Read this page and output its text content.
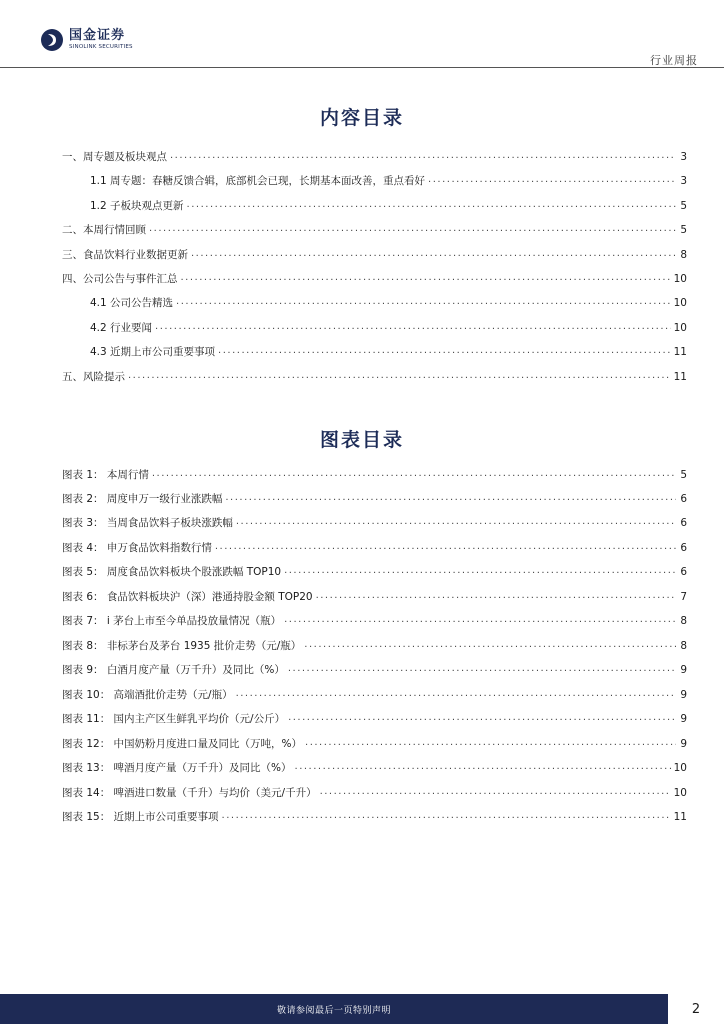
国金证券
SINOLINK SECURITIES
行业周报
内容目录
一、周专题及板块观点 .....	3
1.1 周专题：春糖反馈合辑，底部机会已现，长期基本面改善，重点看好 .....	3
1.2 子板块观点更新 .....	5
二、本周行情回顾 .....	5
三、食品饮料行业数据更新 .....	8
四、公司公告与事件汇总 .....	10
4.1 公司公告精选 .....	10
4.2 行业要闻 .....	10
4.3 近期上市公司重要事项 .....	11
五、风险提示 .....	11
图表目录
图表 1： 本周行情 .....	5
图表 2： 周度申万一级行业涨跌幅 .....	6
图表 3： 当周食品饮料子板块涨跌幅 .....	6
图表 4： 申万食品饮料指数行情 .....	6
图表 5： 周度食品饮料板块个股涨跌幅 TOP10 .....	6
图表 6： 食品饮料板块沪（深）港通持股金额 TOP20 .....	7
图表 7： i 茅台上市至今单品投放量情况（瓶） .....	8
图表 8： 非标茅台及茅台 1935 批价走势（元/瓶） .....	8
图表 9： 白酒月度产量（万千升）及同比（%） .....	9
图表 10： 高端酒批价走势（元/瓶） .....	9
图表 11： 国内主产区生鲜乳平均价（元/公斤） .....	9
图表 12： 中国奶粉月度进口量及同比（万吨，%） .....	9
图表 13： 啤酒月度产量（万千升）及同比（%） .....	10
图表 14： 啤酒进口数量（千升）与均价（美元/千升） .....	10
图表 15： 近期上市公司重要事项 .....	11
敬请参阅最后一页特别声明	2
